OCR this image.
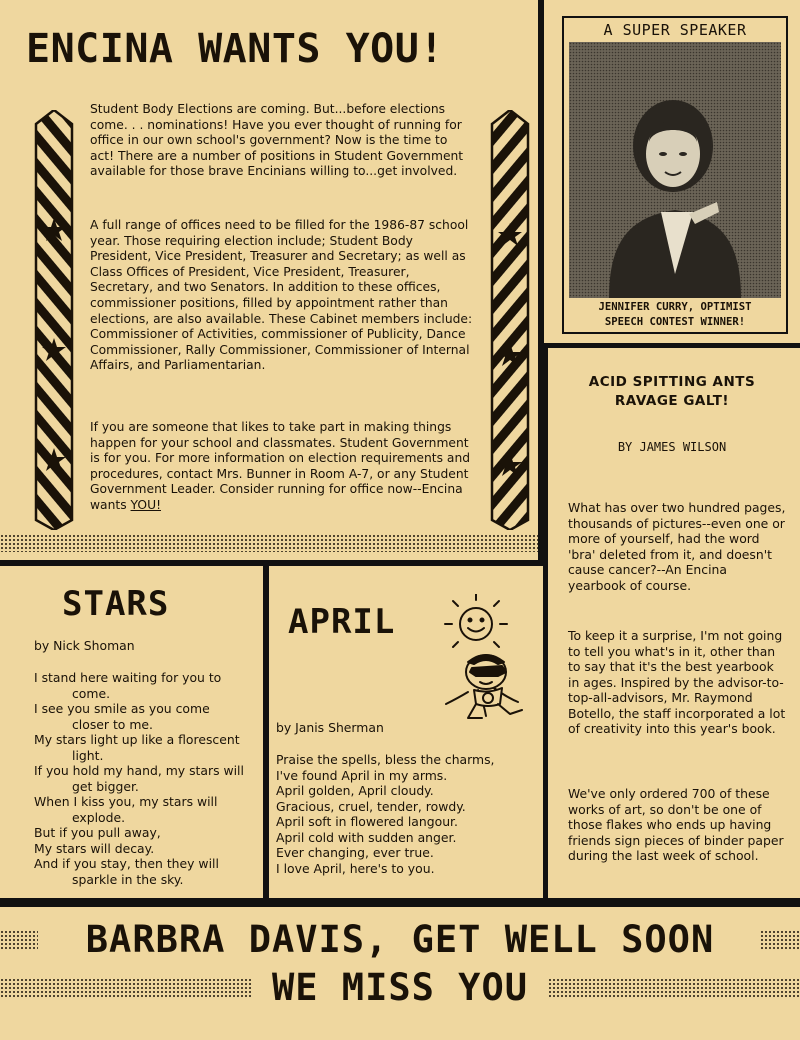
ENCINA WANTS YOU!

Student Body Elections are coming. But...before elections come. . . nominations! Have you ever thought of running for office in our own school's government? Now is the time to act! There are a number of positions in Student Government available for those brave Encinians willing to...get involved.

A full range of offices need to be filled for the 1986-87 school year. Those requiring election include; Student Body President, Vice President, Treasurer and Secretary; as well as Class Offices of President, Vice President, Treasurer, Secretary, and two Senators. In addition to these offices, commissioner positions, filled by appointment rather than elections, are also available. These Cabinet members include: Commissioner of Activities, commissioner of Publicity, Dance Commissioner, Rally Commissioner, Commissioner of Internal Affairs, and Parliamentarian.

If you are someone that likes to take part in making things happen for your school and classmates. Student Government is for you. For more information on election requirements and procedures, contact Mrs. Bunner in Room A-7, or any Student Government Leader. Consider running for office now--Encina wants YOU!

A SUPER SPEAKER
JENNIFER CURRY, OPTIMIST
SPEECH CONTEST WINNER!
ACID SPITTING ANTS
RAVAGE GALT!
BY JAMES WILSON

What has over two hundred pages, thousands of pictures--even one or more of yourself, had the word 'bra' deleted from it, and doesn't cause cancer?--An Encina yearbook of course.

To keep it a surprise, I'm not going to tell you what's in it, other than to say that it's the best yearbook in ages. Inspired by the advisor-to-top-all-advisors, Mr. Raymond Botello, the staff incorporated a lot of creativity into this year's book.

We've only ordered 700 of these works of art, so don't be one of those flakes who ends up having friends sign pieces of binder paper during the last week of school.

STARS
by Nick Shoman
I stand here waiting for you to come.
I see you smile as you come closer to me.
My stars light up like a florescent light.
If you hold my hand, my stars will get bigger.
When I kiss you, my stars will explode.
But if you pull away,
My stars will decay.
And if you stay, then they will sparkle in the sky.
APRIL
by Janis Sherman
Praise the spells, bless the charms,
I've found April in my arms.
April golden, April cloudy.
Gracious, cruel, tender, rowdy.
April soft in flowered langour.
April cold with sudden anger.
Ever changing, ever true.
I love April, here's to you.
BARBRA DAVIS, GET WELL SOON
WE MISS YOU
